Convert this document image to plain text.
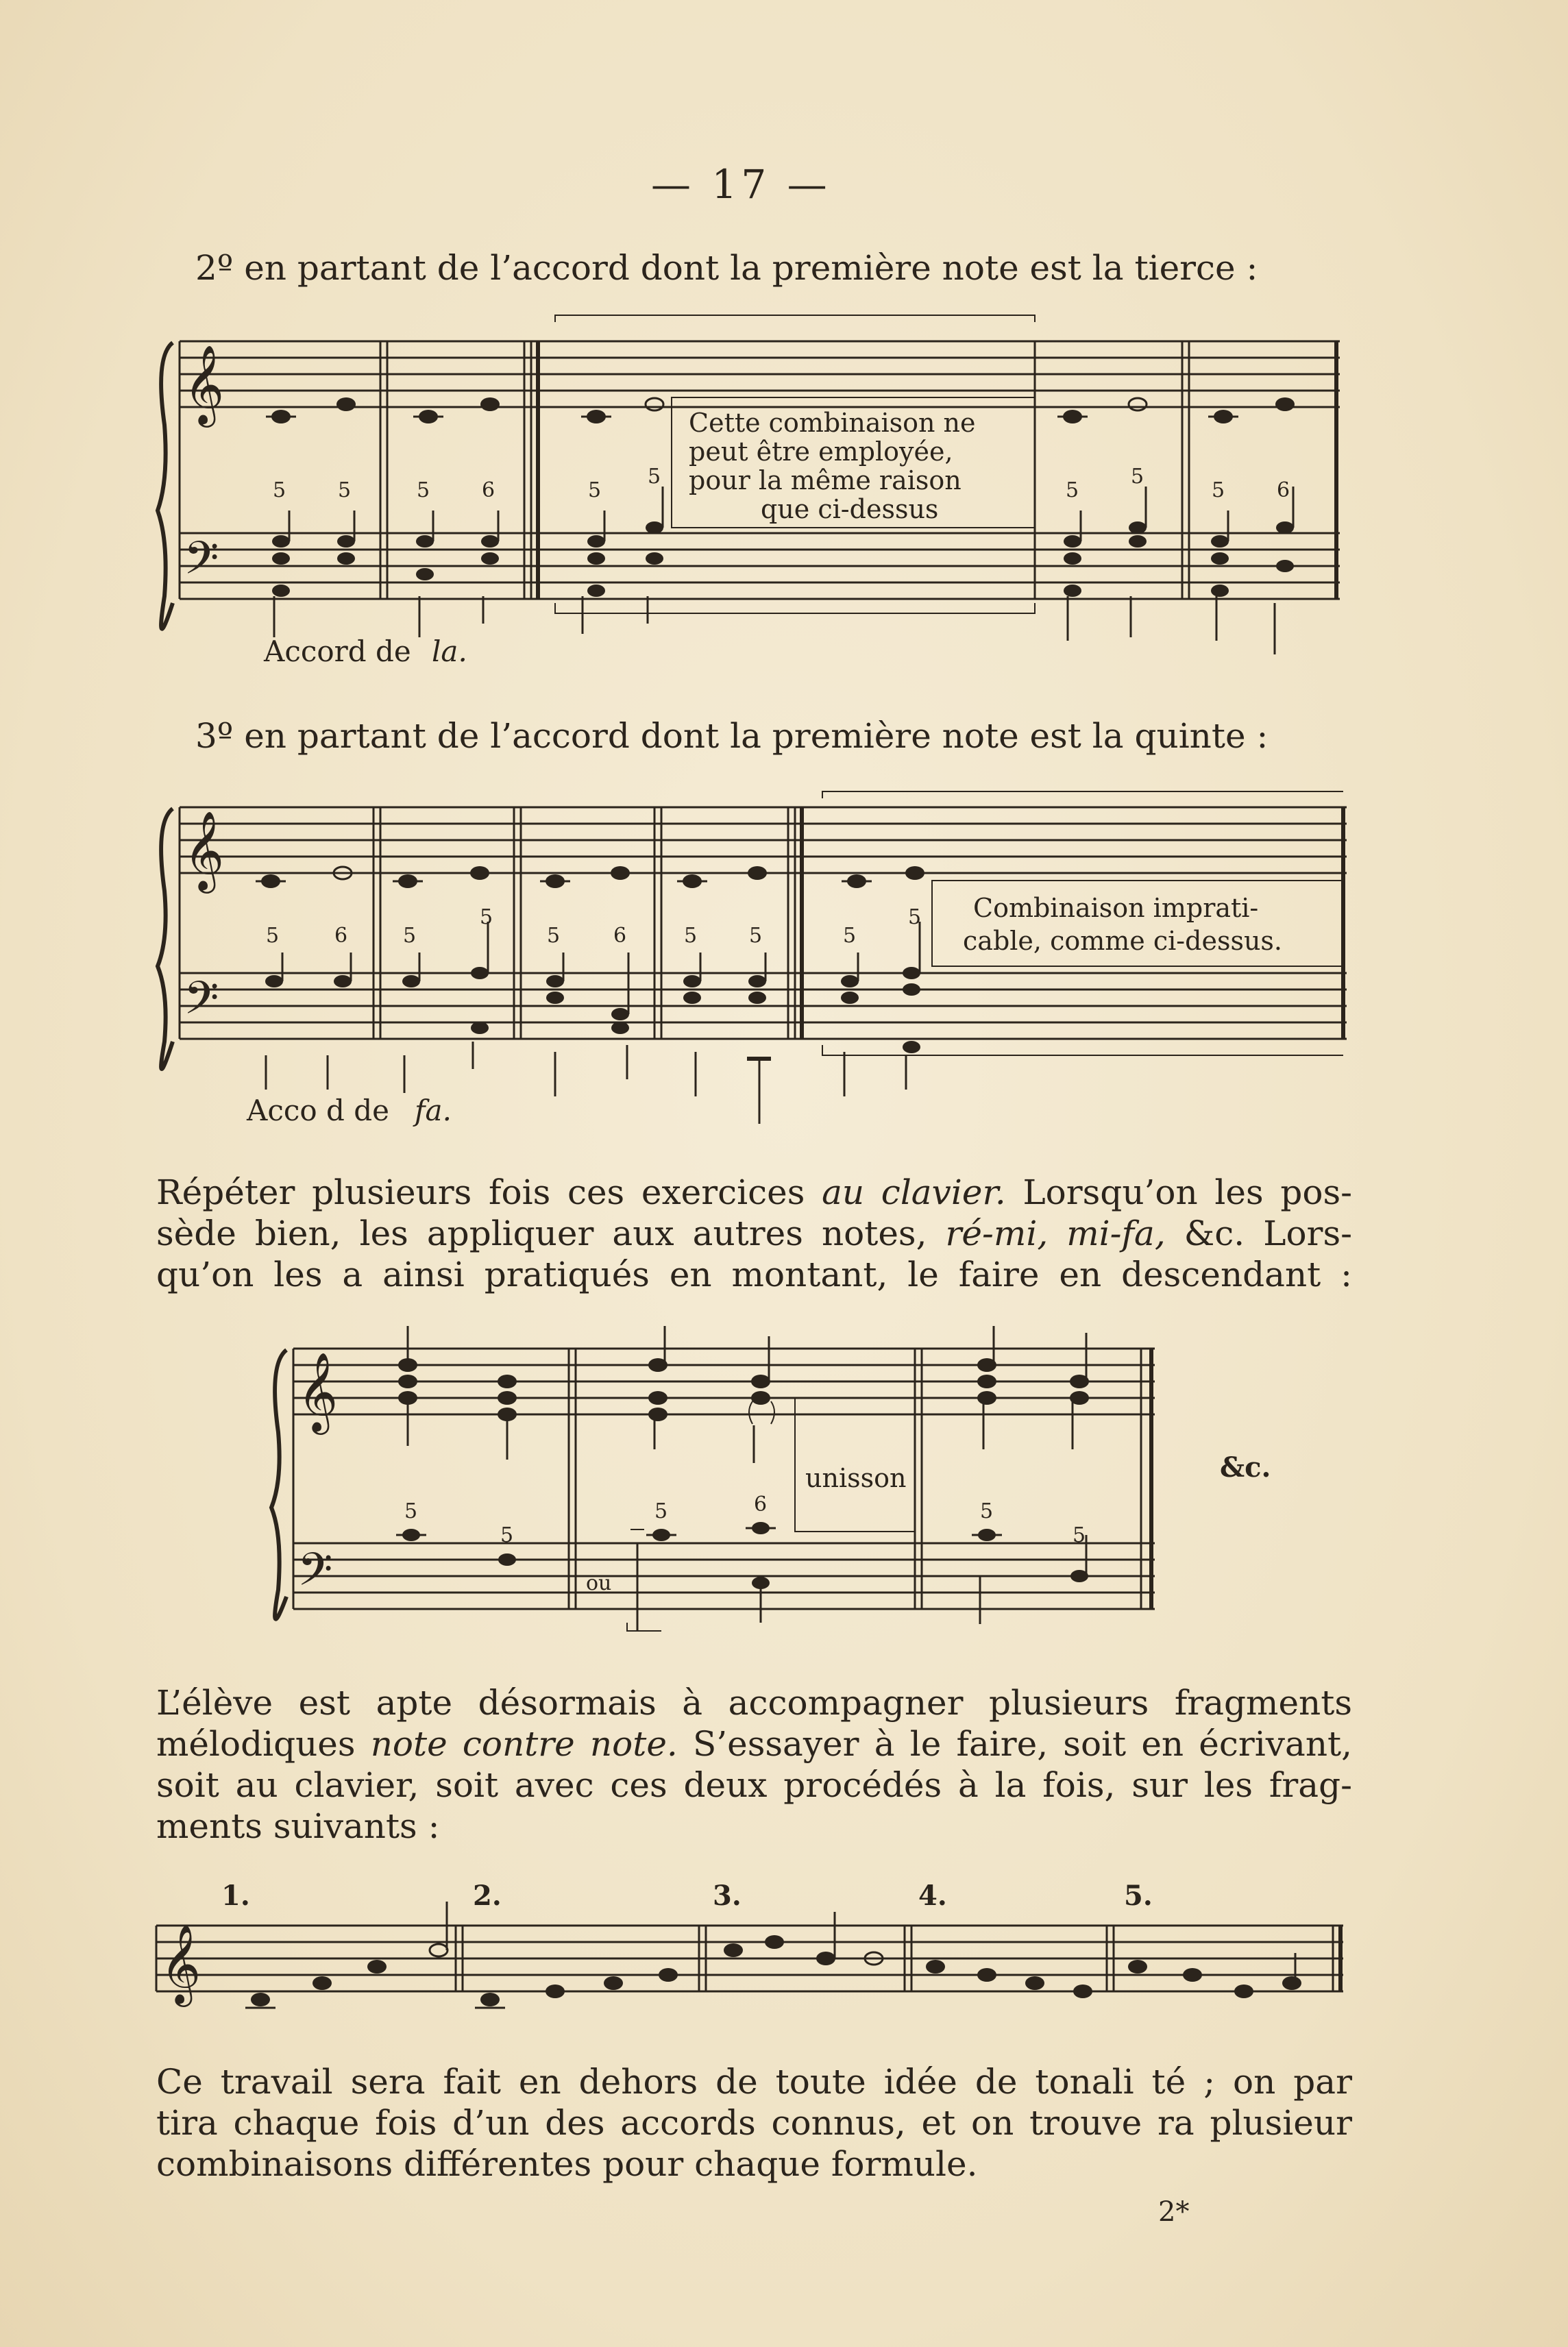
— 17 —
2º en partant de l’accord dont la première note est la tierce :
3º en partant de l’accord dont la première note est la quinte :
Répéter plusieurs fois ces exercices au clavier. Lorsqu’on les pos-
sède bien, les appliquer aux autres notes, ré-mi, mi-fa, &c. Lors-
qu’on les a ainsi pratiqués en montant, le faire en descendant :
L’élève est apte désormais à accompagner plusieurs fragments
mélodiques note contre note. S’essayer à le faire, soit en écrivant,
soit au clavier, soit avec ces deux procédés à la fois, sur les frag-
ments suivants :
Ce travail sera fait en dehors de toute idée de tonali té ; on par
tira chaque fois d’un des accords connus, et on trouve ra plusieur
combinaisons différentes pour chaque formule.
2*
𝄞
𝄢
𝄞
𝄢
𝄞
𝄢
𝄞
5	5	5	6	5
5
5
5
5	6
5	6	5
5
5	6	5	5	5
5
5
5
5	6	5
5
Cette combinaison ne
peut être employée,
pour la même raison
que ci-dessus
Combinaison imprati-
cable, comme ci-dessus.
unisson
ou
&c.
Accord de la.
Acco d de fa.
1.	2.	3.	4.	5.
